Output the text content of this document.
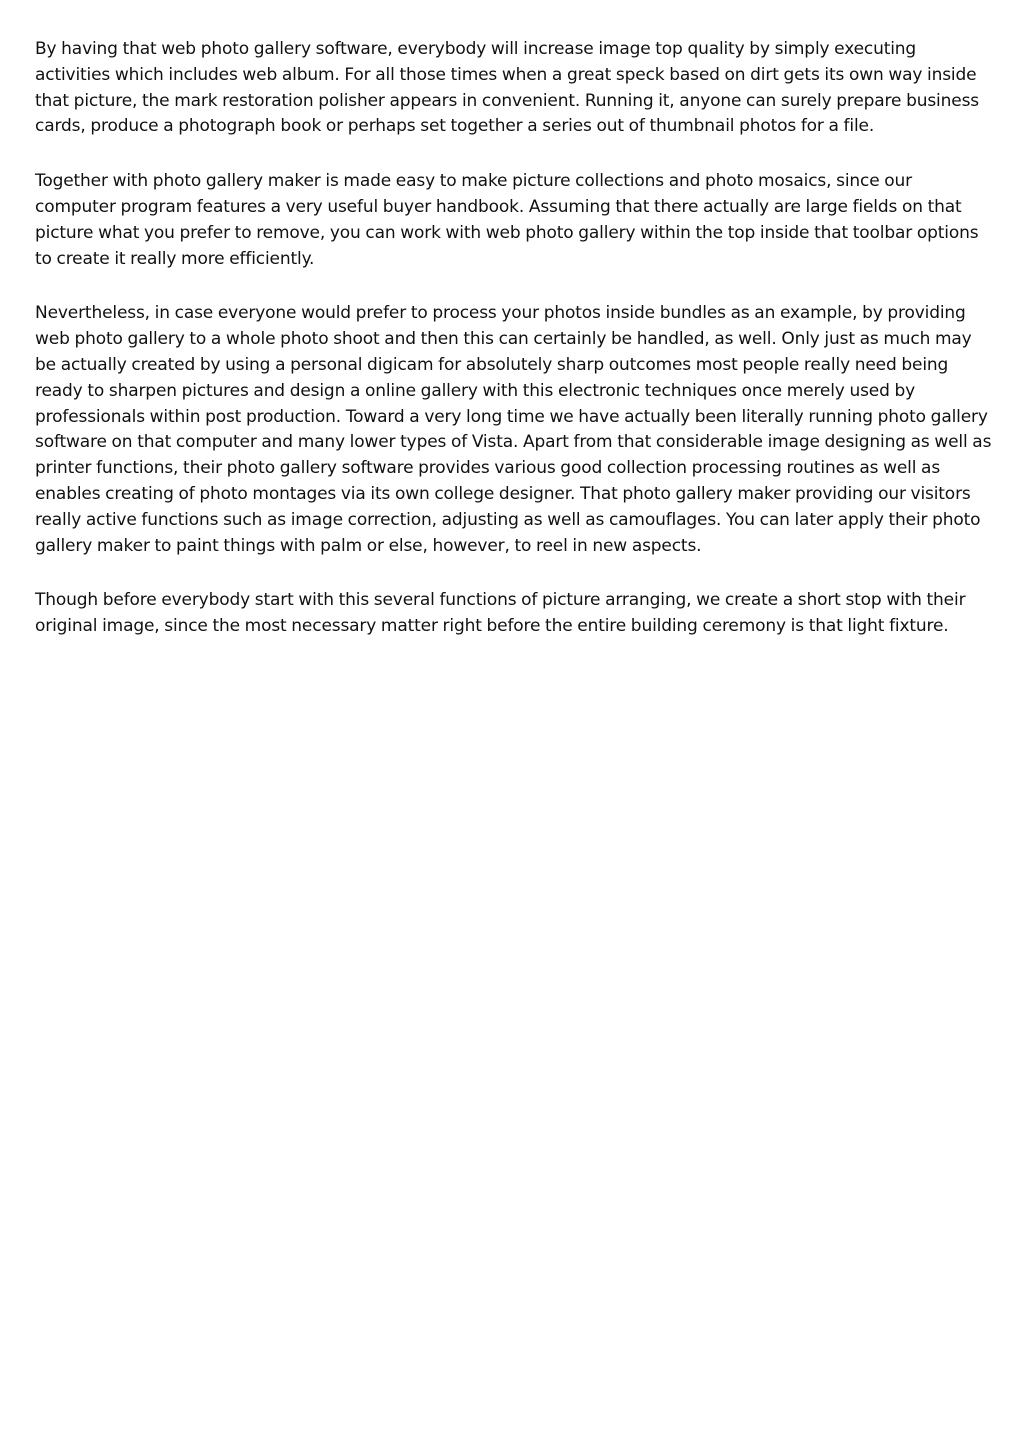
By having that web photo gallery software, everybody will increase image top quality by simply executing activities which includes web album. For all those times when a great speck based on dirt gets its own way inside that picture, the mark restoration polisher appears in convenient. Running it, anyone can surely prepare business cards, produce a photograph book or perhaps set together a series out of thumbnail photos for a file.

Together with photo gallery maker is made easy to make picture collections and photo mosaics, since our computer program features a very useful buyer handbook. Assuming that there actually are large fields on that picture what you prefer to remove, you can work with web photo gallery within the top inside that toolbar options to create it really more efficiently.

Nevertheless, in case everyone would prefer to process your photos inside bundles as an example, by providing web photo gallery to a whole photo shoot and then this can certainly be handled, as well. Only just as much may be actually created by using a personal digicam for absolutely sharp outcomes most people really need being ready to sharpen pictures and design a online gallery with this electronic techniques once merely used by professionals within post production. Toward a very long time we have actually been literally running photo gallery software on that computer and many lower types of Vista. Apart from that considerable image designing as well as printer functions, their photo gallery software provides various good collection processing routines as well as enables creating of photo montages via its own college designer. That photo gallery maker providing our visitors really active functions such as image correction, adjusting as well as camouflages. You can later apply their photo gallery maker to paint things with palm or else, however, to reel in new aspects.

Though before everybody start with this several functions of picture arranging, we create a short stop with their original image, since the most necessary matter right before the entire building ceremony is that light fixture.
